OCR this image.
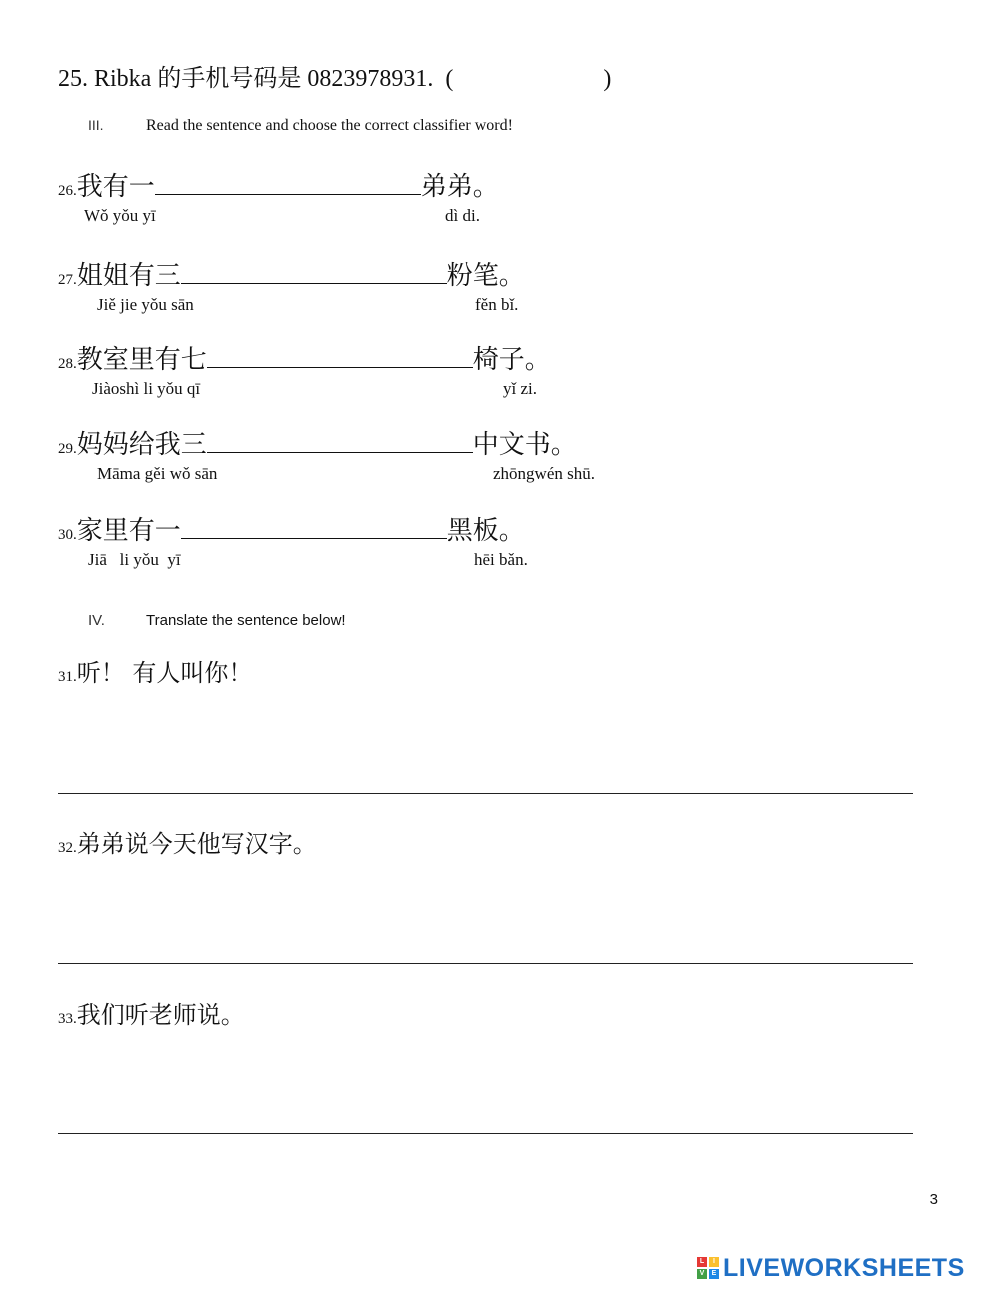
25. Ribka 的手机号码是 0823978931. (	)
III.	Read the sentence and choose the correct classifier word!
26.我有一	弟弟。
Wǒ yǒu yī	dì di.
27.姐姐有三	粉笔。
Jiě jie yǒu sān	fěn bǐ.
28.教室里有七	椅子。
Jiàoshì li yǒu qī	yǐ zi.
29.妈妈给我三	中文书。
Māma gěi wǒ sān	zhōngwén shū.
30.家里有一	黑板。
Jiā   li yǒu  yī	hēi bǎn.
IV.	Translate the sentence below!
31.听！ 有人叫你！
32.弟弟说今天他写汉字。
33.我们听老师说。
3
L	I
V	E LIVEWORKSHEETS
